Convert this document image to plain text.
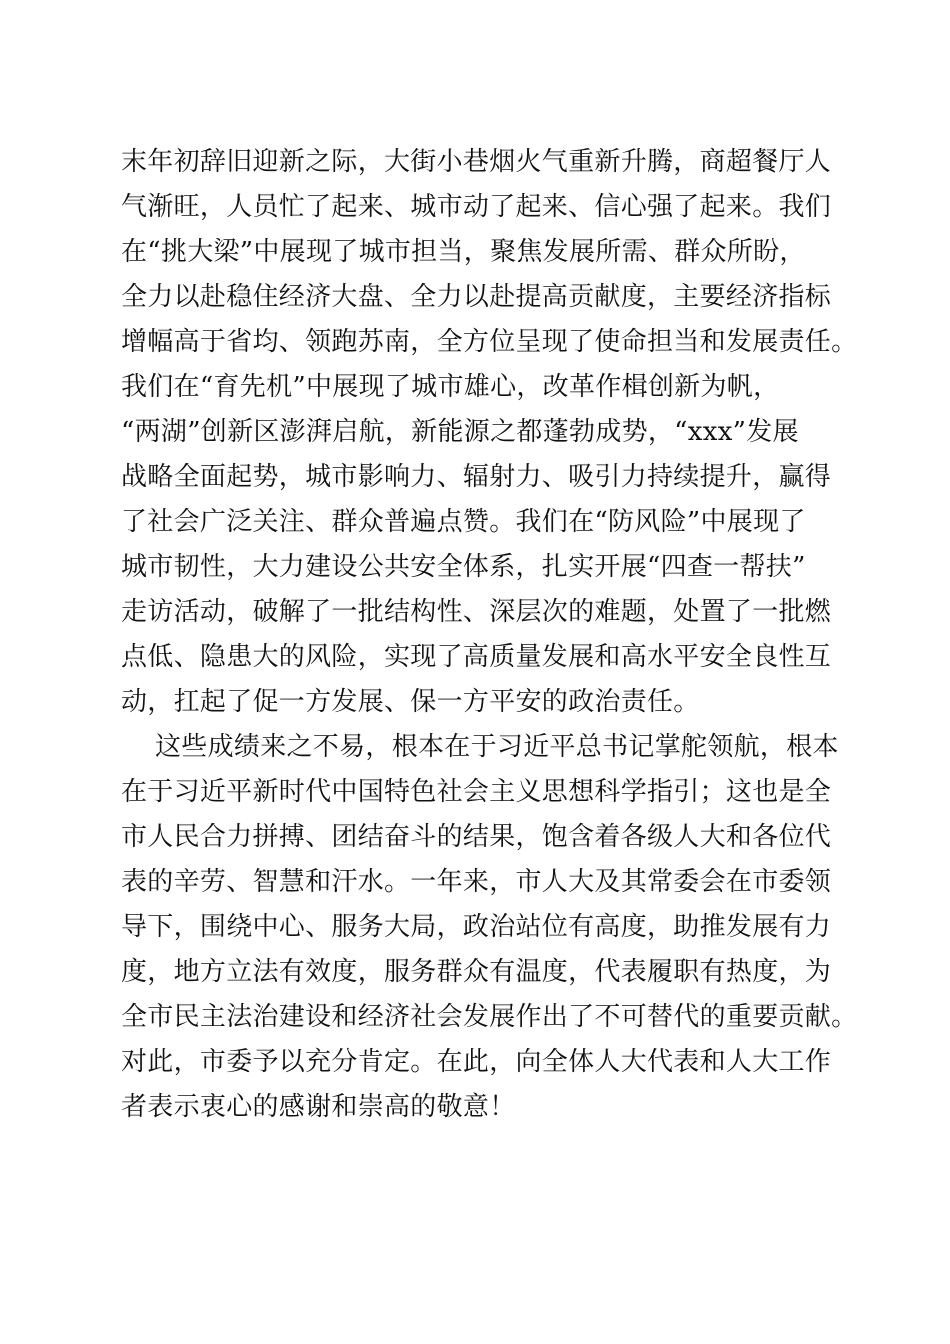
末年初辞旧迎新之际，大街小巷烟火气重新升腾，商超餐厅人
气渐旺，人员忙了起来、城市动了起来、信心强了起来。我们
在“挑大梁”中展现了城市担当，聚焦发展所需、群众所盼，
全力以赴稳住经济大盘、全力以赴提高贡献度，主要经济指标
增幅高于省均、领跑苏南，全方位呈现了使命担当和发展责任。
我们在“育先机”中展现了城市雄心，改革作楫创新为帆，
“两湖”创新区澎湃启航，新能源之都蓬勃成势，“xxx”发展
战略全面起势，城市影响力、辐射力、吸引力持续提升，赢得
了社会广泛关注、群众普遍点赞。我们在“防风险”中展现了
城市韧性，大力建设公共安全体系，扎实开展“四查一帮扶”
走访活动，破解了一批结构性、深层次的难题，处置了一批燃
点低、隐患大的风险，实现了高质量发展和高水平安全良性互
动，扛起了促一方发展、保一方平安的政治责任。
这些成绩来之不易，根本在于习近平总书记掌舵领航，根本
在于习近平新时代中国特色社会主义思想科学指引；这也是全
市人民合力拼搏、团结奋斗的结果，饱含着各级人大和各位代
表的辛劳、智慧和汗水。一年来，市人大及其常委会在市委领
导下，围绕中心、服务大局，政治站位有高度，助推发展有力
度，地方立法有效度，服务群众有温度，代表履职有热度，为
全市民主法治建设和经济社会发展作出了不可替代的重要贡献。
对此，市委予以充分肯定。在此，向全体人大代表和人大工作
者表示衷心的感谢和崇高的敬意！
